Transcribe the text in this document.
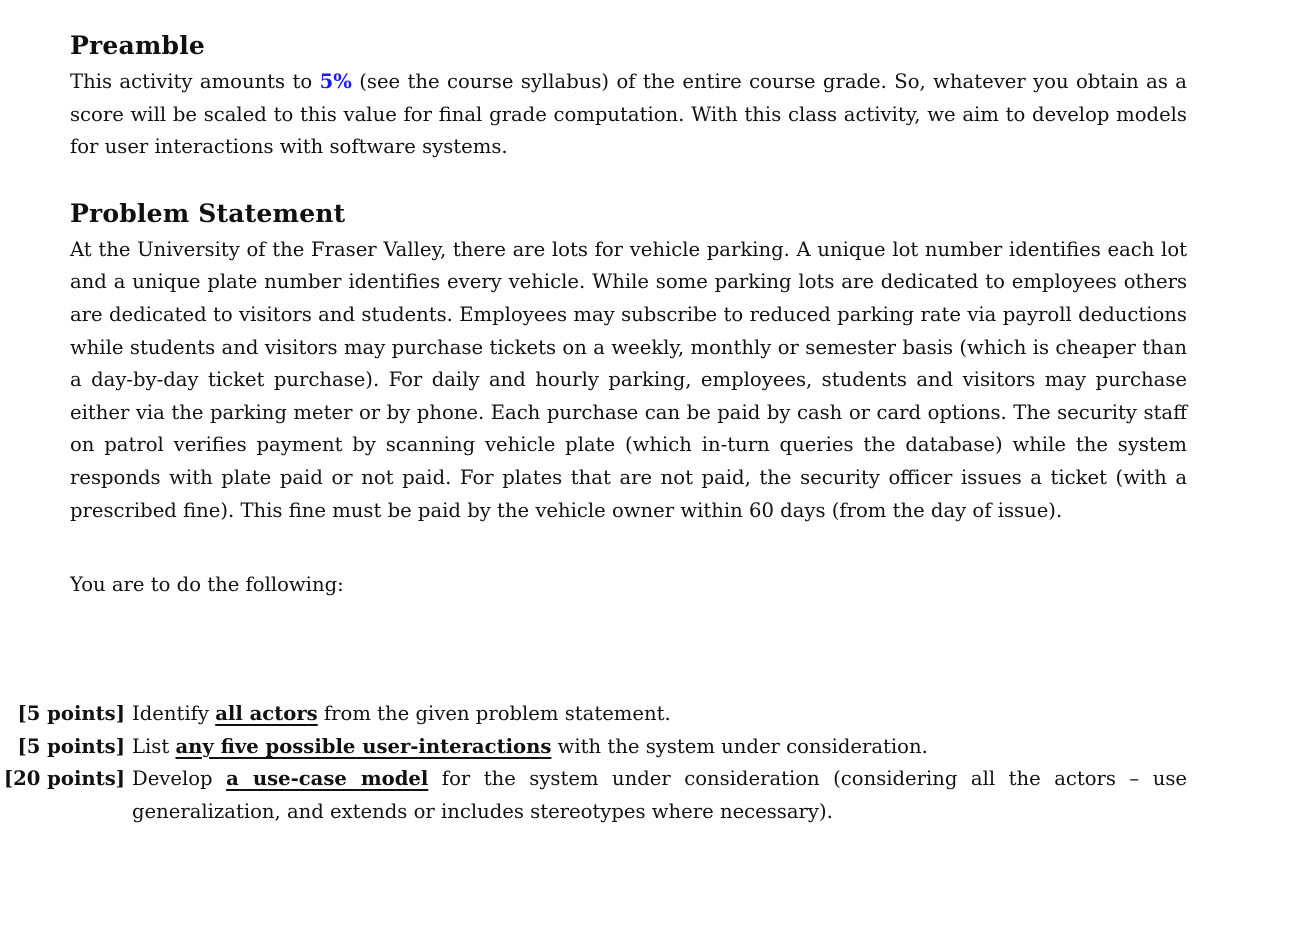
Preamble

This activity amounts to 5% (see the course syllabus) of the entire course grade. So, whatever you obtain as a score will be scaled to this value for final grade computation. With this class activity, we aim to develop models for user interactions with software systems.

Problem Statement

At the University of the Fraser Valley, there are lots for vehicle parking. A unique lot number identifies each lot and a unique plate number identifies every vehicle. While some parking lots are dedicated to employees others are dedicated to visitors and students. Employees may subscribe to reduced parking rate via payroll deductions while students and visitors may purchase tickets on a weekly, monthly or semester basis (which is cheaper than a day-by-day ticket purchase). For daily and hourly parking, employees, students and visitors may purchase either via the parking meter or by phone. Each purchase can be paid by cash or card options. The security staff on patrol verifies payment by scanning vehicle plate (which in-turn queries the database) while the system responds with plate paid or not paid. For plates that are not paid, the security officer issues a ticket (with a prescribed fine). This fine must be paid by the vehicle owner within 60 days (from the day of issue).

You are to do the following:

[5 points] Identify all actors from the given problem statement.
[5 points] List any five possible user-interactions with the system under consideration.
[20 points] Develop a use-case model for the system under consideration (considering all the actors – use generalization, and extends or includes stereotypes where necessary).
